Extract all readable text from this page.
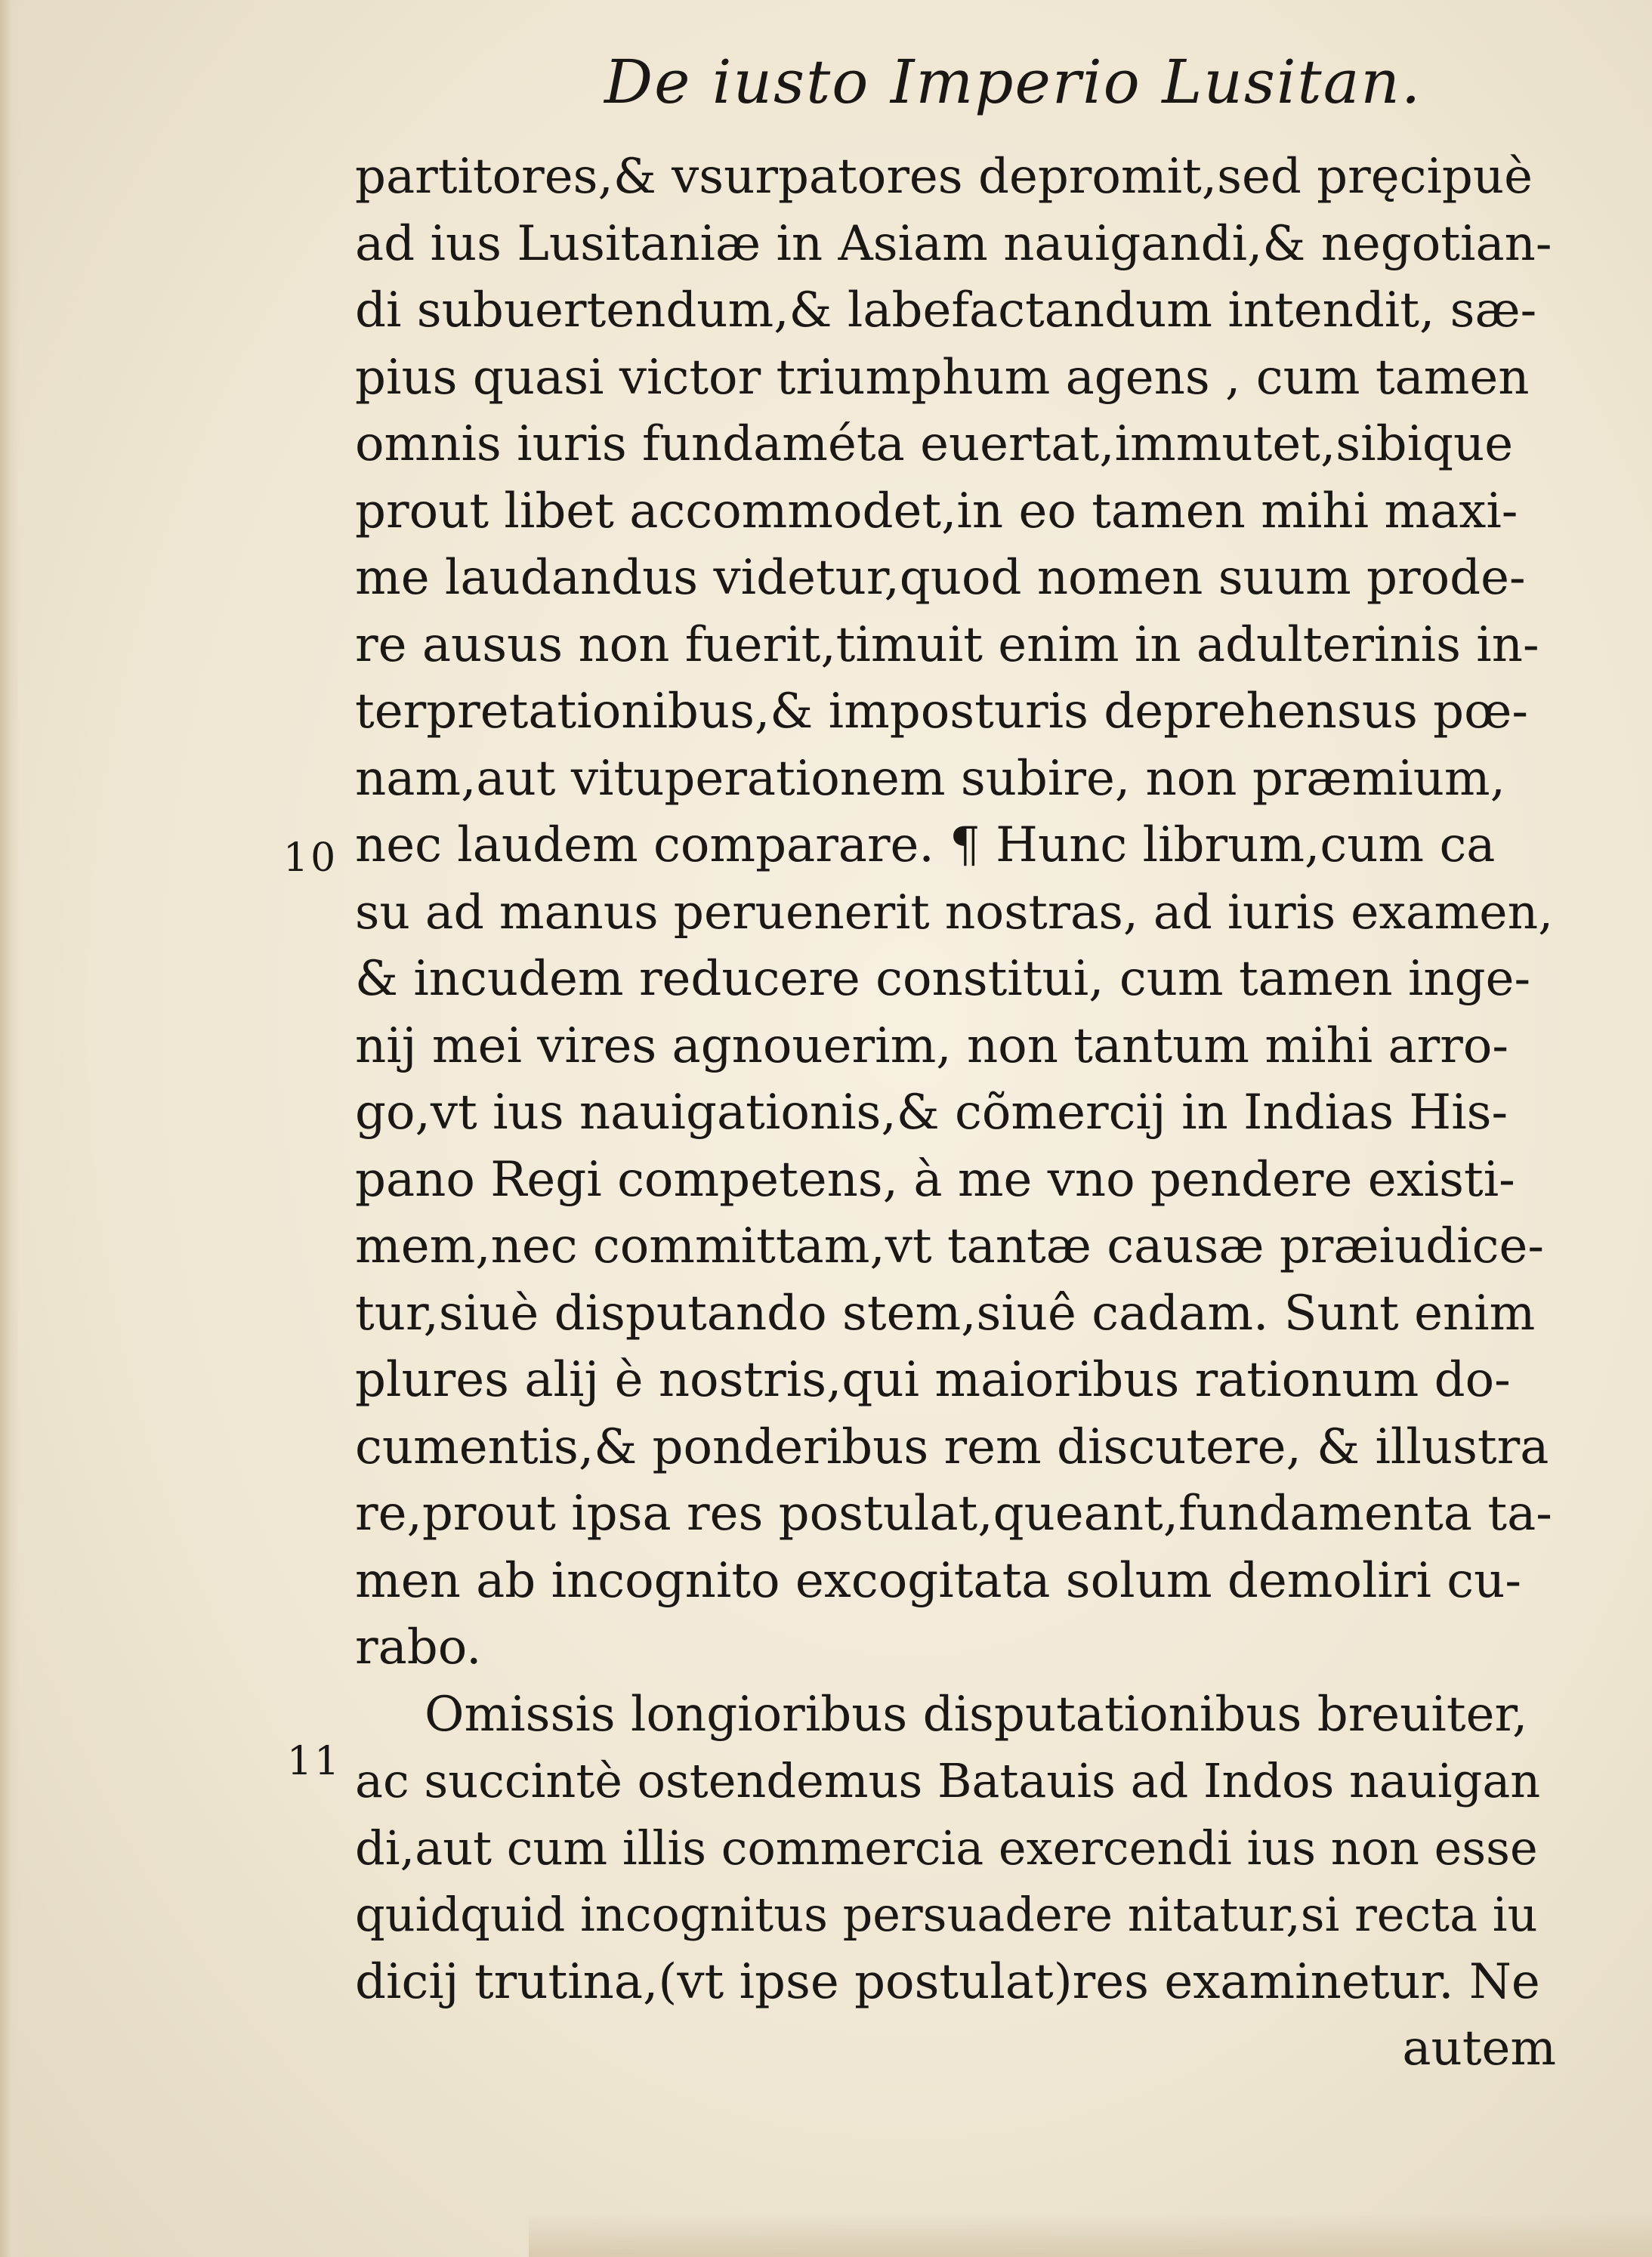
De iusto Imperio Lusitan.
10
11
partitores,& vsurpatores depromit,sed pręcipuè
ad ius Lusitaniæ in Asiam nauigandi,& negotian-
di subuertendum,& labefactandum intendit, sæ-
pius quasi victor triumphum agens , cum tamen
omnis iuris fundaméta euertat,immutet,sibique
prout libet accommodet,in eo tamen mihi maxi-
me laudandus videtur,quod nomen suum prode-
re ausus non fuerit,timuit enim in adulterinis in-
terpretationibus,& imposturis deprehensus pœ-
nam,aut vituperationem subire, non præmium,
nec laudem comparare. ¶ Hunc librum,cum ca
su ad manus peruenerit nostras, ad iuris examen,
& incudem reducere constitui, cum tamen inge-
nij mei vires agnouerim, non tantum mihi arro-
go,vt ius nauigationis,& cõmercij in Indias His-
pano Regi competens, à me vno pendere existi-
mem,nec committam,vt tantæ causæ præiudice-
tur,siuè disputando stem,siuê cadam. Sunt enim
plures alij è nostris,qui maioribus rationum do-
cumentis,& ponderibus rem discutere, & illustra
re,prout ipsa res postulat,queant,fundamenta ta-
men ab incognito excogitata solum demoliri cu-
rabo.
Omissis longioribus disputationibus breuiter,
ac succintè ostendemus Batauis ad Indos nauigan
di,aut cum illis commercia exercendi ius non esse
quidquid incognitus persuadere nitatur,si recta iu
dicij trutina,(vt ipse postulat)res examinetur. Ne
autem
